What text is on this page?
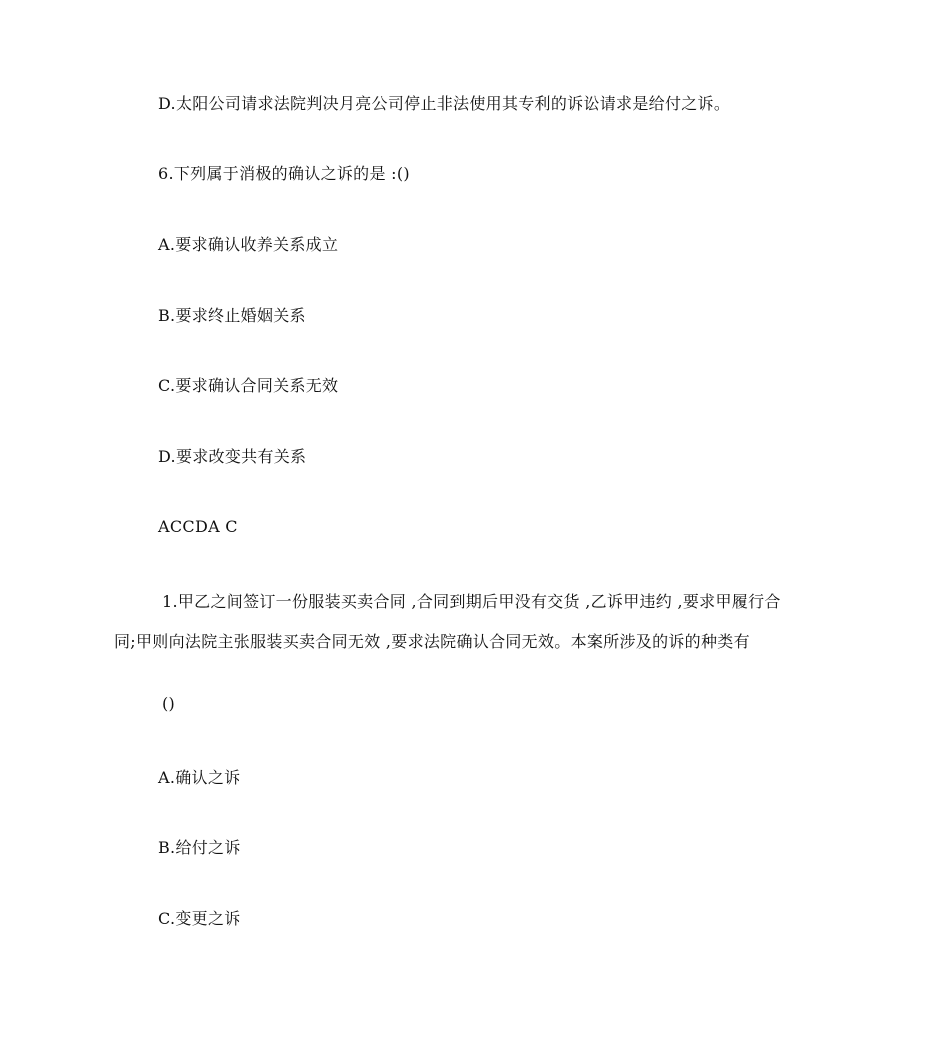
D.太阳公司请求法院判决月亮公司停止非法使用其专利的诉讼请求是给付之诉。
6.下列属于消极的确认之诉的是 :()
A.要求确认收养关系成立
B.要求终止婚姻关系
C.要求确认合同关系无效
D.要求改变共有关系
ACCDA C
1.甲乙之间签订一份服装买卖合同 ,合同到期后甲没有交货 ,乙诉甲违约 ,要求甲履行合
同;甲则向法院主张服装买卖合同无效 ,要求法院确认合同无效。本案所涉及的诉的种类有
()
A.确认之诉
B.给付之诉
C.变更之诉
